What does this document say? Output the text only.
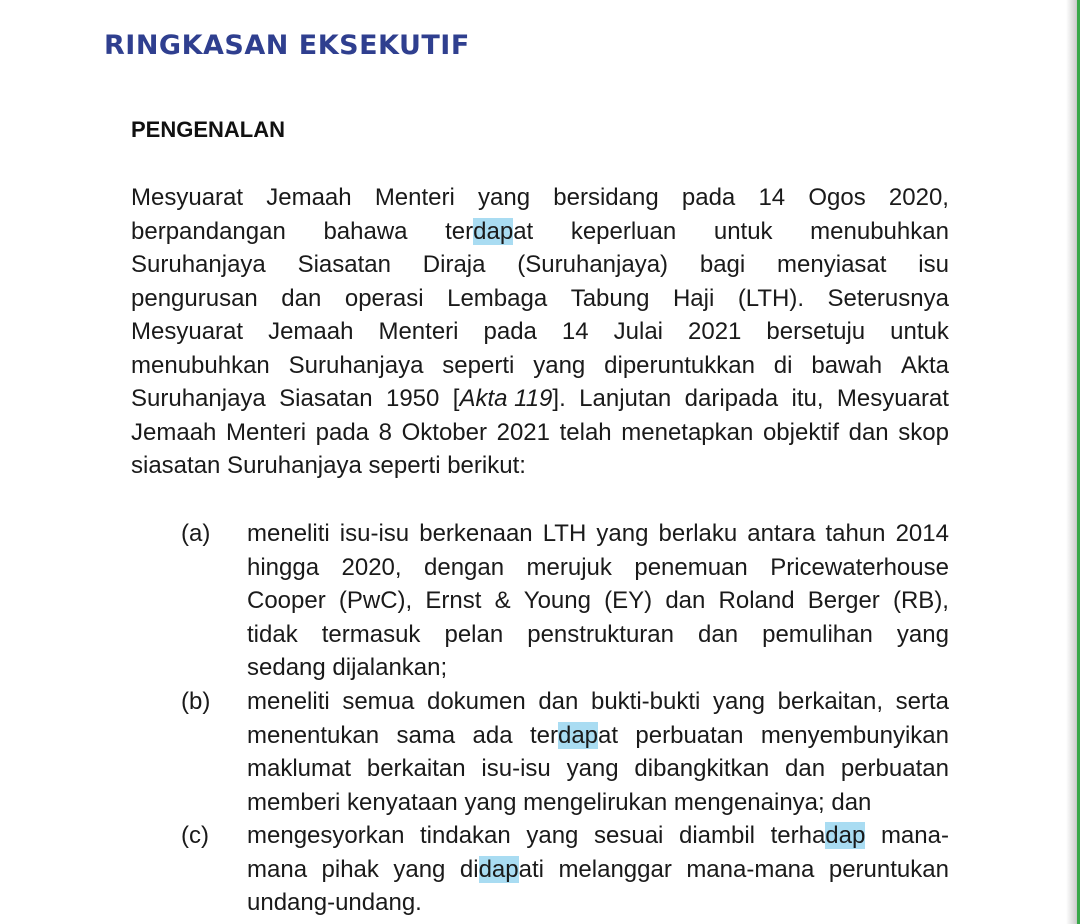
RINGKASAN EKSEKUTIF
PENGENALAN
Mesyuarat Jemaah Menteri yang bersidang pada 14 Ogos 2020,
berpandangan bahawa terdapat keperluan untuk menubuhkan
Suruhanjaya Siasatan Diraja (Suruhanjaya) bagi menyiasat isu
pengurusan dan operasi Lembaga Tabung Haji (LTH). Seterusnya
Mesyuarat Jemaah Menteri pada 14 Julai 2021 bersetuju untuk
menubuhkan Suruhanjaya seperti yang diperuntukkan di bawah Akta
Suruhanjaya Siasatan 1950 [Akta 119]. Lanjutan daripada itu, Mesyuarat
Jemaah Menteri pada 8 Oktober 2021 telah menetapkan objektif dan skop
siasatan Suruhanjaya seperti berikut:
(a) meneliti isu-isu berkenaan LTH yang berlaku antara tahun 2014
hingga 2020, dengan merujuk penemuan Pricewaterhouse
Cooper (PwC), Ernst & Young (EY) dan Roland Berger (RB),
tidak termasuk pelan penstrukturan dan pemulihan yang
sedang dijalankan;
(b) meneliti semua dokumen dan bukti-bukti yang berkaitan, serta
menentukan sama ada terdapat perbuatan menyembunyikan
maklumat berkaitan isu-isu yang dibangkitkan dan perbuatan
memberi kenyataan yang mengelirukan mengenainya; dan
(c) mengesyorkan tindakan yang sesuai diambil terhadap mana-
mana pihak yang didapati melanggar mana-mana peruntukan
undang-undang.
